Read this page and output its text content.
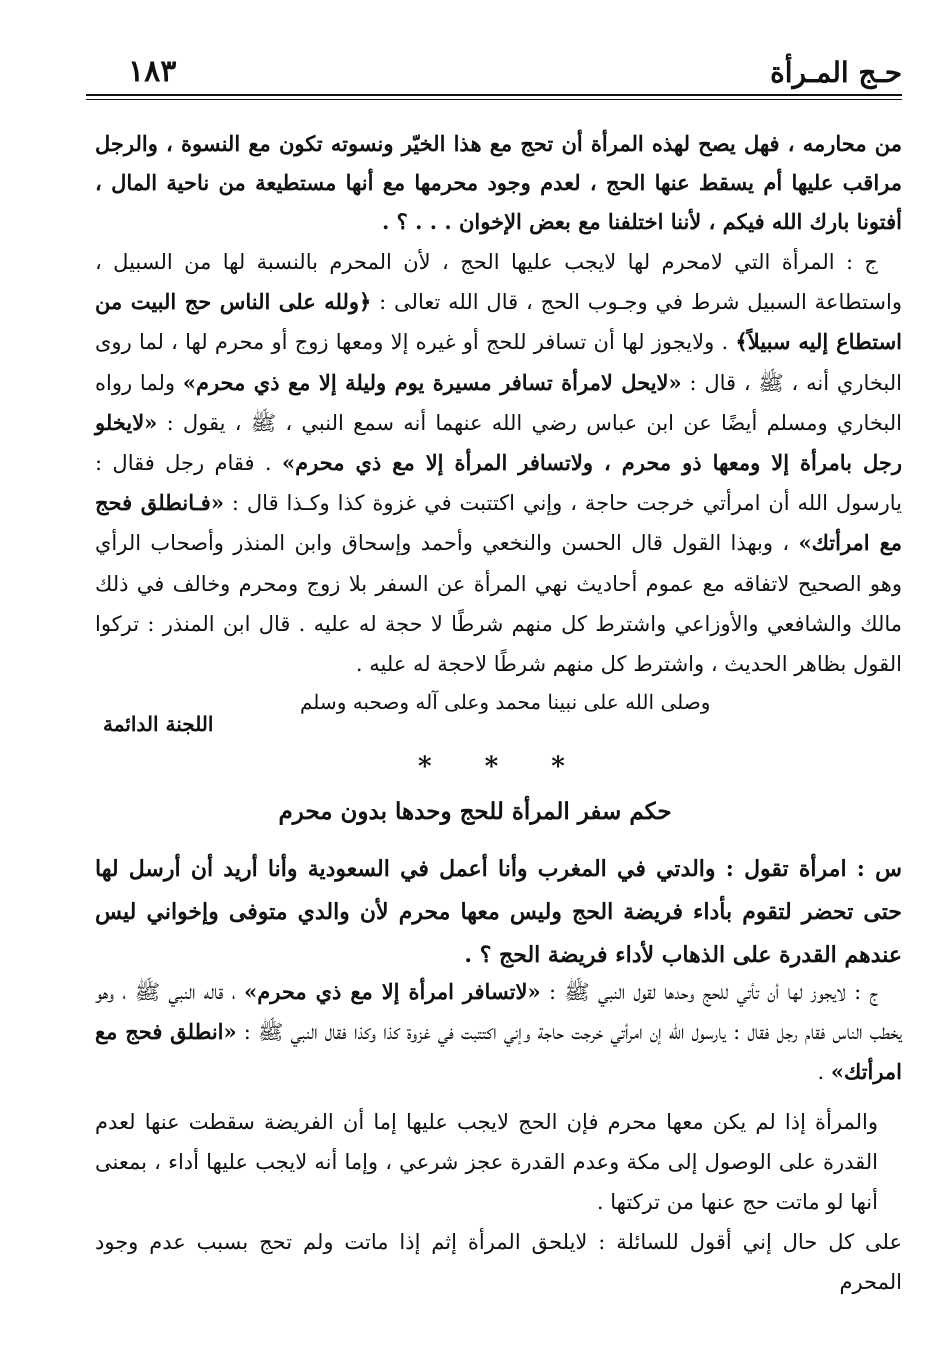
حـج المـرأة
١٨٣
من محارمه ، فهل يصح لهذه المرأة أن تحج مع هذا الخيّر ونسوته تكون مع النسوة ، والرجل مراقب عليها أم يسقط عنها الحج ، لعدم وجود محرمها مع أنها مستطيعة من ناحية المال ، أفتونا بارك الله فيكم ، لأننا اختلفنا مع بعض الإخوان . . . ؟ .
ج : المرأة التي لامحرم لها لايجب عليها الحج ، لأن المحرم بالنسبة لها من السبيل ، واستطاعة السبيل شرط في وجـوب الحج ، قال الله تعالى : ﴿ولله على الناس حج البيت من استطاع إليه سبيلاً﴾ . ولايجوز لها أن تسافر للحج أو غيره إلا ومعها زوج أو محرم لها ، لما روى البخاري أنه ، ﷺ ، قال : «لايحل لامرأة تسافر مسيرة يوم وليلة إلا مع ذي محرم» ولما رواه البخاري ومسلم أيضًا عن ابن عباس رضي الله عنهما أنه سمع النبي ، ﷺ ، يقول : «لايخلو رجل بامرأة إلا ومعها ذو محرم ، ولاتسافر المرأة إلا مع ذي محرم» . فقام رجل فقال : يارسول الله أن امرأتي خرجت حاجة ، وإني اكتتبت في غزوة كذا وكـذا قال : «فـانطلق فحج مع امرأتك» ، وبهذا القول قال الحسن والنخعي وأحمد وإسحاق وابن المنذر وأصحاب الرأي وهو الصحيح لاتفاقه مع عموم أحاديث نهي المرأة عن السفر بلا زوج ومحرم وخالف في ذلك مالك والشافعي والأوزاعي واشترط كل منهم شرطًا لا حجة له عليه . قال ابن المنذر : تركوا القول بظاهر الحديث ، واشترط كل منهم شرطًا لاحجة له عليه .
وصلى الله على نبينا محمد وعلى آله وصحبه وسلم
اللجنة الدائمة
* * *
حكم سفر المرأة للحج وحدها بدون محرم
س : امرأة تقول : والدتي في المغرب وأنا أعمل في السعودية وأنا أريد أن أرسل لها حتى تحضر لتقوم بأداء فريضة الحج وليس معها محرم لأن والدي متوفى وإخواني ليس عندهم القدرة على الذهاب لأداء فريضة الحج ؟ .
ج : لايجوز لها أن تأتي للحج وحدها لقول النبي ﷺ : «لاتسافر امرأة إلا مع ذي محرم» ، قاله النبي ﷺ ، وهو يخطب الناس فقام رجل فقال : يارسول الله إن امرأتي خرجت حاجة وإني اكتتبت في غزوة كذا وكذا فقال النبي ﷺ : «انطلق فحج مع امرأتك» .
والمرأة إذا لم يكن معها محرم فإن الحج لايجب عليها إما أن الفريضة سقطت عنها لعدم القدرة على الوصول إلى مكة وعدم القدرة عجز شرعي ، وإما أنه لايجب عليها أداء ، بمعنى أنها لو ماتت حج عنها من تركتها .
على كل حال إني أقول للسائلة : لايلحق المرأة إثم إذا ماتت ولم تحج بسبب عدم وجود المحرم
